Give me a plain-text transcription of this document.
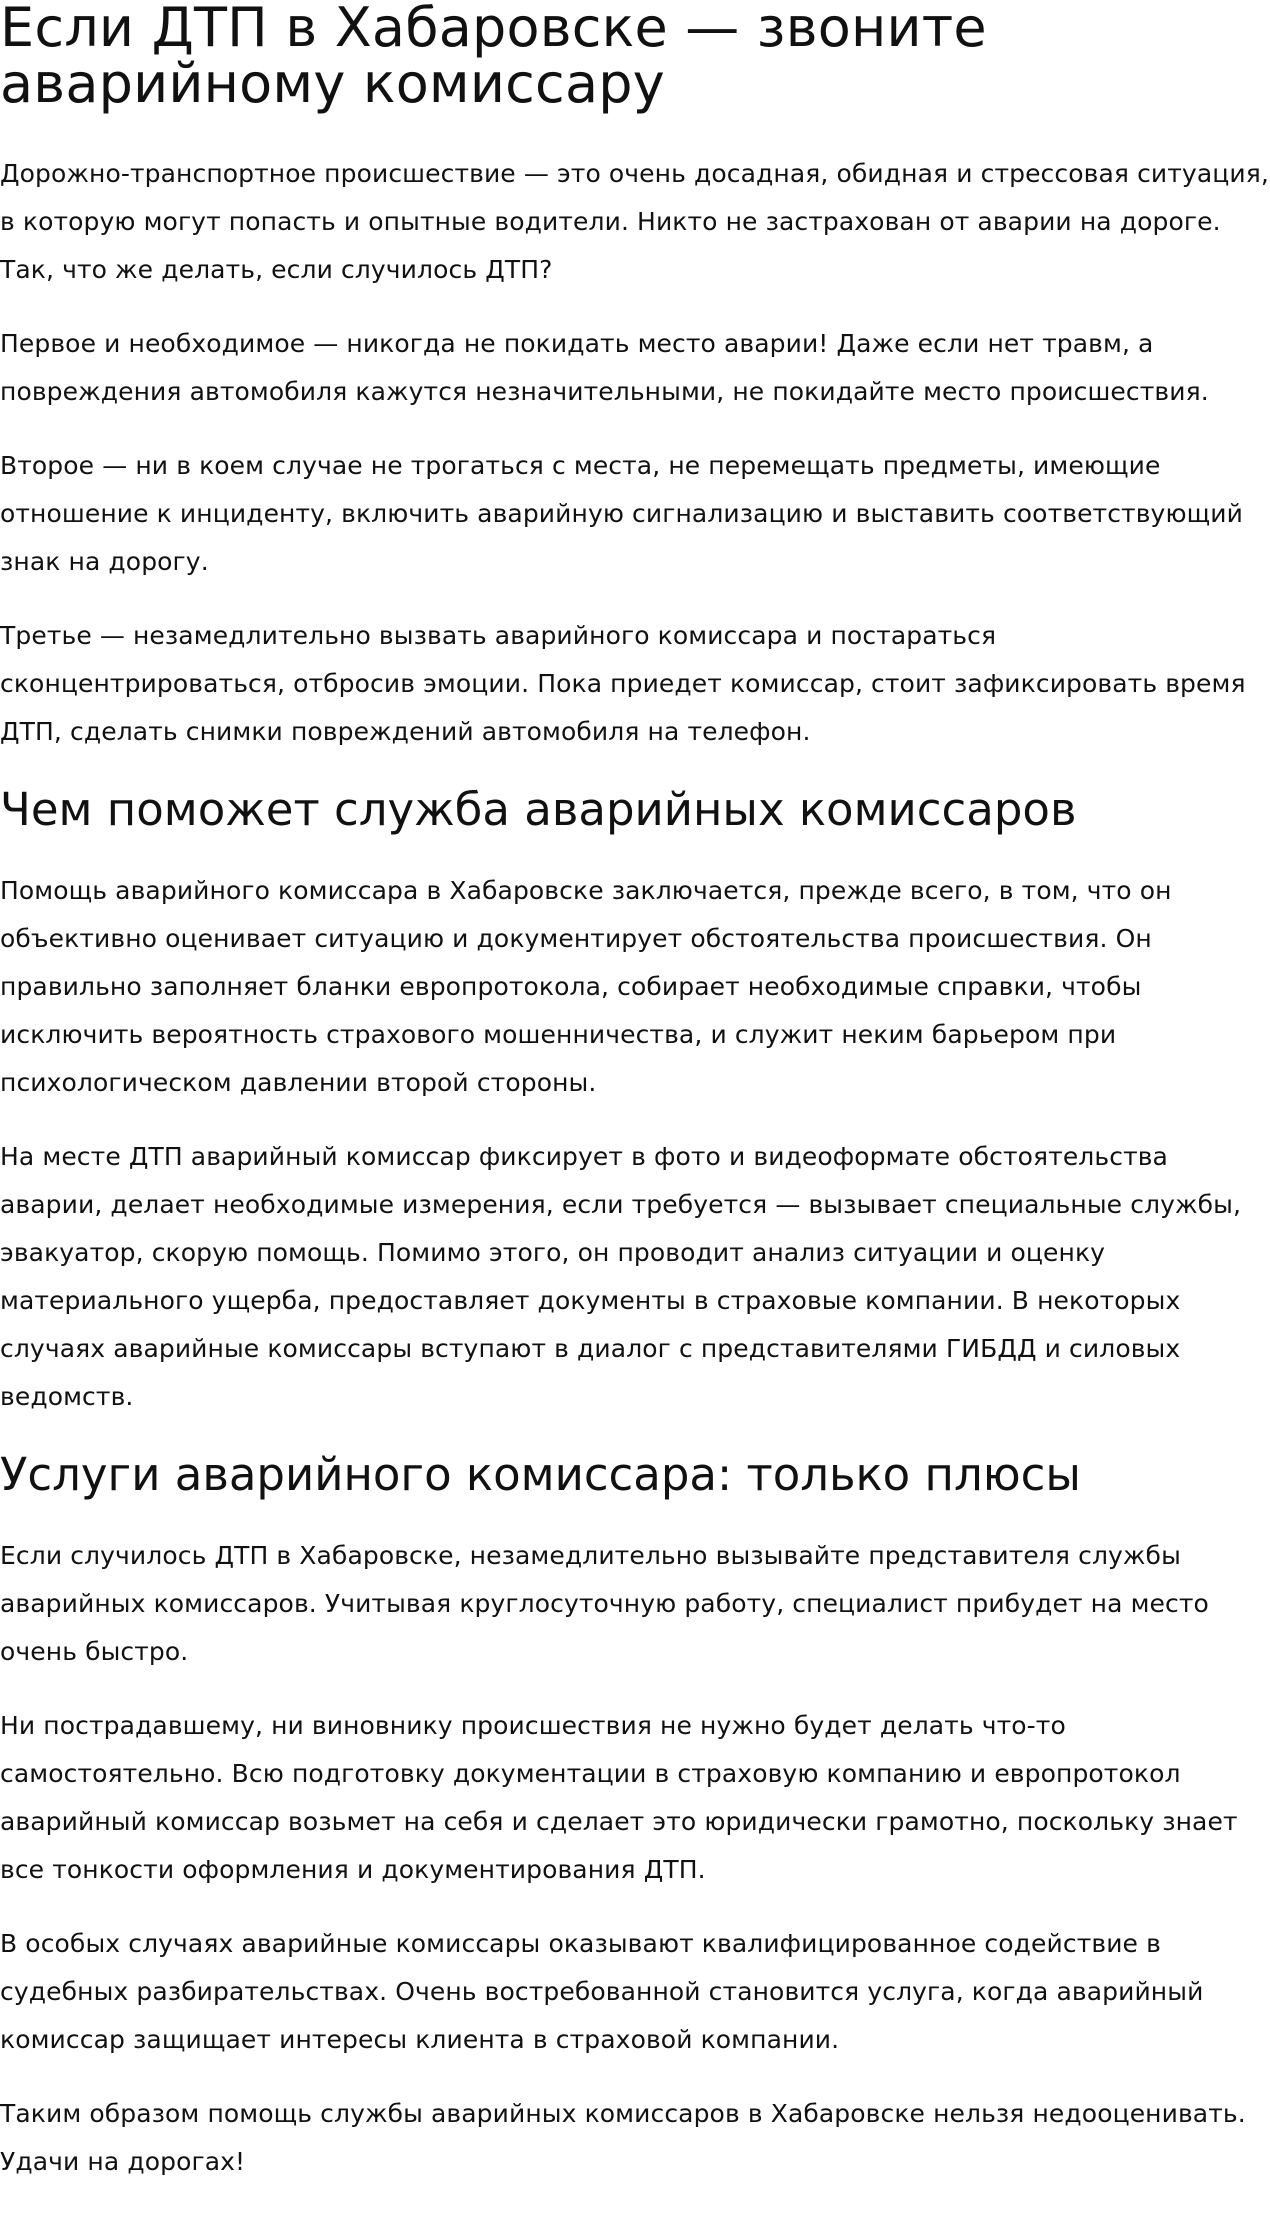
Если ДТП в Хабаровске — звоните аварийному комиссару

Дорожно-транспортное происшествие — это очень досадная, обидная и стрессовая ситуация, в которую могут попасть и опытные водители. Никто не застрахован от аварии на дороге. Так, что же делать, если случилось ДТП?

Первое и необходимое — никогда не покидать место аварии! Даже если нет травм, а повреждения автомобиля кажутся незначительными, не покидайте место происшествия.

Второе — ни в коем случае не трогаться с места, не перемещать предметы, имеющие отношение к инциденту, включить аварийную сигнализацию и выставить соответствующий знак на дорогу.

Третье — незамедлительно вызвать аварийного комиссара и постараться сконцентрироваться, отбросив эмоции. Пока приедет комиссар, стоит зафиксировать время ДТП, сделать снимки повреждений автомобиля на телефон.

Чем поможет служба аварийных комиссаров

Помощь аварийного комиссара в Хабаровске заключается, прежде всего, в том, что он объективно оценивает ситуацию и документирует обстоятельства происшествия. Он правильно заполняет бланки европротокола, собирает необходимые справки, чтобы исключить вероятность страхового мошенничества, и служит неким барьером при психологическом давлении второй стороны.

На месте ДТП аварийный комиссар фиксирует в фото и видеоформате обстоятельства аварии, делает необходимые измерения, если требуется — вызывает специальные службы, эвакуатор, скорую помощь. Помимо этого, он проводит анализ ситуации и оценку материального ущерба, предоставляет документы в страховые компании. В некоторых случаях аварийные комиссары вступают в диалог с представителями ГИБДД и силовых ведомств.

Услуги аварийного комиссара: только плюсы

Если случилось ДТП в Хабаровске, незамедлительно вызывайте представителя службы аварийных комиссаров. Учитывая круглосуточную работу, специалист прибудет на место очень быстро.

Ни пострадавшему, ни виновнику происшествия не нужно будет делать что-то самостоятельно. Всю подготовку документации в страховую компанию и европротокол аварийный комиссар возьмет на себя и сделает это юридически грамотно, поскольку знает все тонкости оформления и документирования ДТП.

В особых случаях аварийные комиссары оказывают квалифицированное содействие в судебных разбирательствах. Очень востребованной становится услуга, когда аварийный комиссар защищает интересы клиента в страховой компании.

Таким образом помощь службы аварийных комиссаров в Хабаровске нельзя недооценивать. Удачи на дорогах!
